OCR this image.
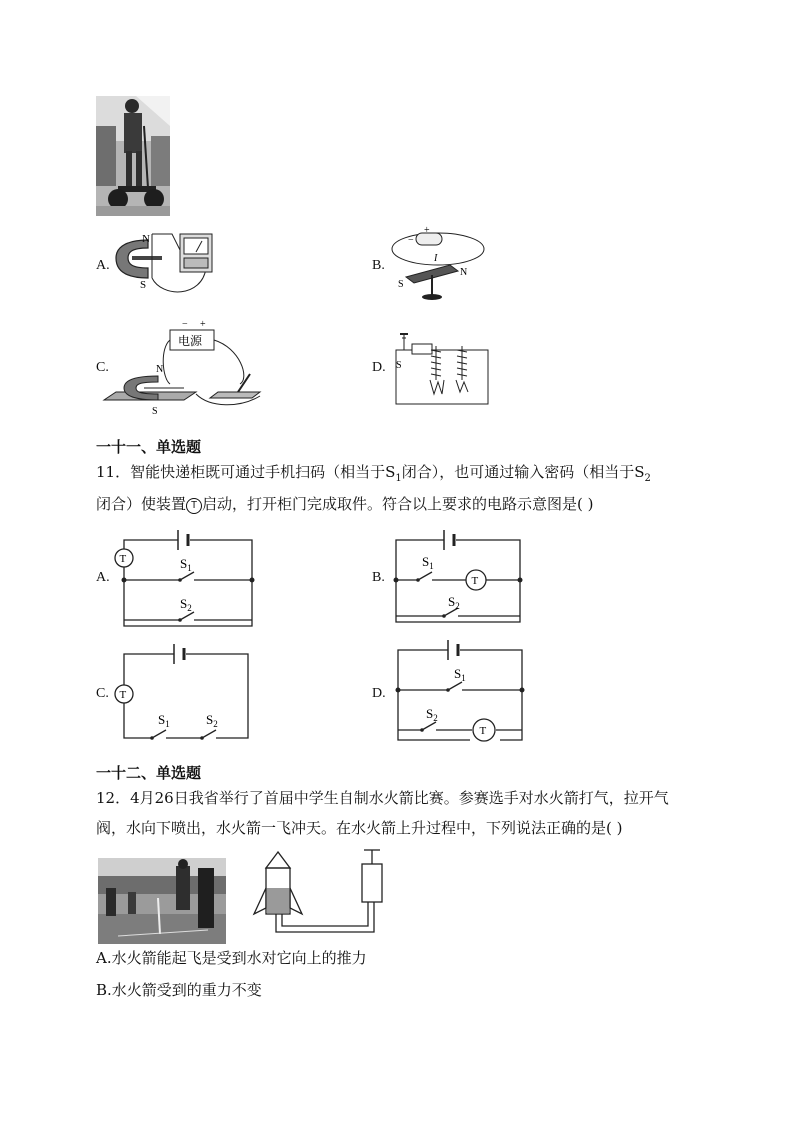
A.
N
S
B.
+
−
I
S
N
C.
电源
− +
N
S
D. S
一十一、单选题
11．智能快递柜既可通过手机扫码（相当于$S_1$闭合），也可通过输入密码（相当于$S_2$
闭合）使装置 T 启动，打开柜门完成取件。符合以上要求的电路示意图是( )
A.
T	$S_1$
$S_2$
B.	T
$S_1$
$S_2$
C. T
$S_1$	$S_2$
D.
T
$S_1$
$S_2$
一十二、单选题
12．4月26日我省举行了首届中学生自制水火箭比赛。参赛选手对水火箭打气，拉开气
阀，水向下喷出，水火箭一飞冲天。在水火箭上升过程中，下列说法正确的是( )
A.水火箭能起飞是受到水对它向上的推力
B.水火箭受到的重力不变
